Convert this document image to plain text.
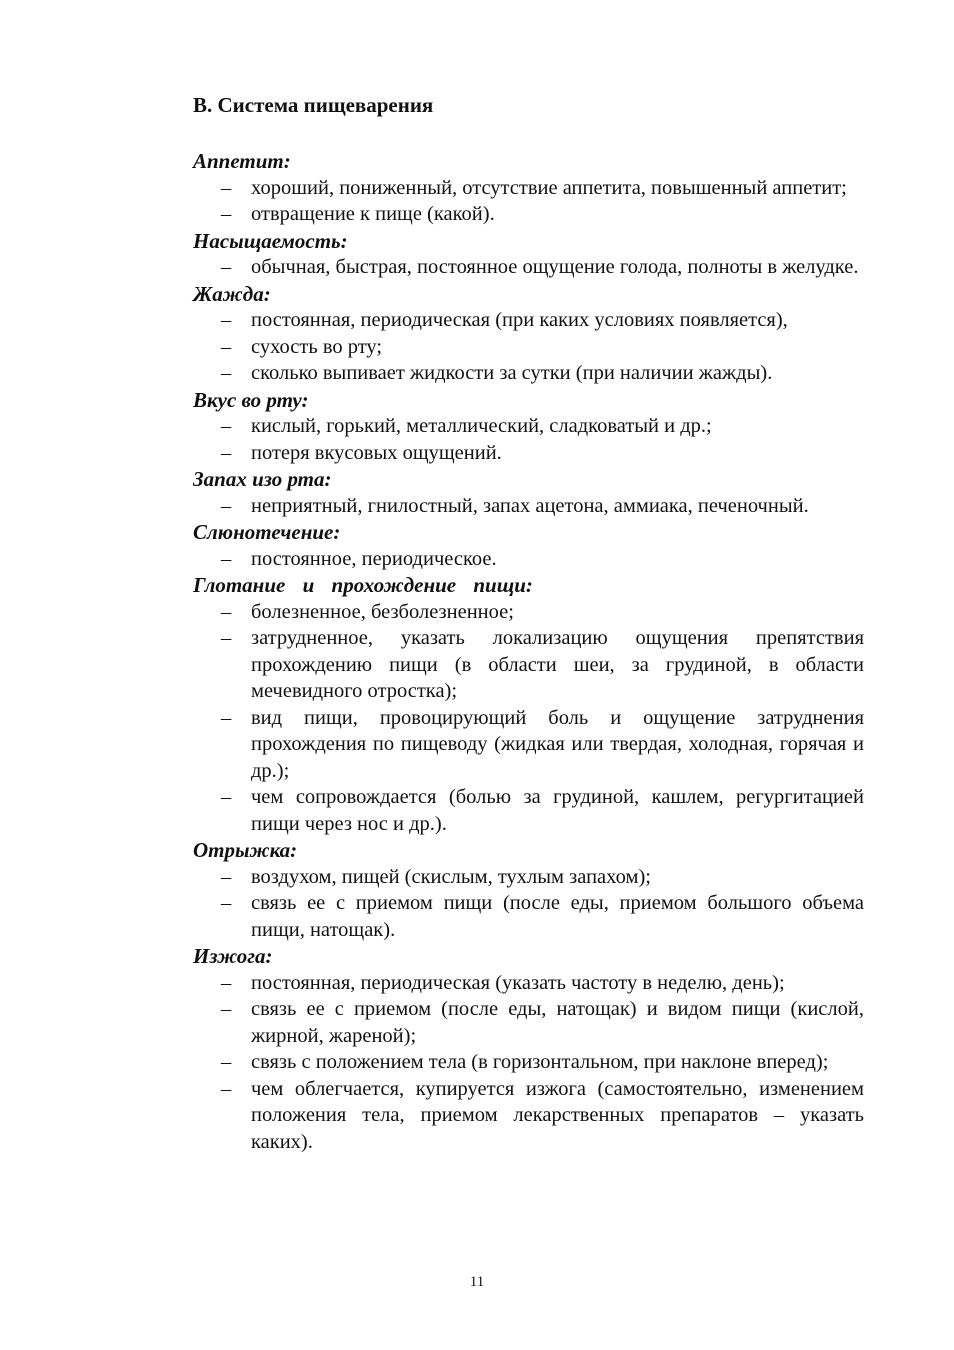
В. Система пищеварения
Аппетит:
– хороший, пониженный, отсутствие аппетита, повышенный аппетит;
– отвращение к пище (какой).
Насыщаемость:
– обычная, быстрая, постоянное ощущение голода, полноты в желудке.
Жажда:
– постоянная, периодическая (при каких условиях появляется),
– сухость во рту;
– сколько выпивает жидкости за сутки (при наличии жажды).
Вкус во рту:
– кислый, горький, металлический, сладковатый и др.;
– потеря вкусовых ощущений.
Запах изо рта:
– неприятный, гнилостный, запах ацетона, аммиака, печеночный.
Слюнотечение:
– постоянное, периодическое.
Глотание и прохождение пищи:
– болезненное, безболезненное;
– затрудненное, указать локализацию ощущения препятствия прохождению пищи (в области шеи, за грудиной, в области мечевидного отростка);
– вид пищи, провоцирующий боль и ощущение затруднения прохождения по пищеводу (жидкая или твердая, холодная, горячая и др.);
– чем сопровождается (болью за грудиной, кашлем, регургитацией пищи через нос и др.).
Отрыжка:
– воздухом, пищей (скислым, тухлым запахом);
– связь ее с приемом пищи (после еды, приемом большого объема пищи, натощак).
Изжога:
– постоянная, периодическая (указать частоту в неделю, день);
– связь ее с приемом (после еды, натощак) и видом пищи (кислой, жирной, жареной);
– связь с положением тела (в горизонтальном, при наклоне вперед);
– чем облегчается, купируется изжога (самостоятельно, изменением положения тела, приемом лекарственных препаратов – указать каких).
11
